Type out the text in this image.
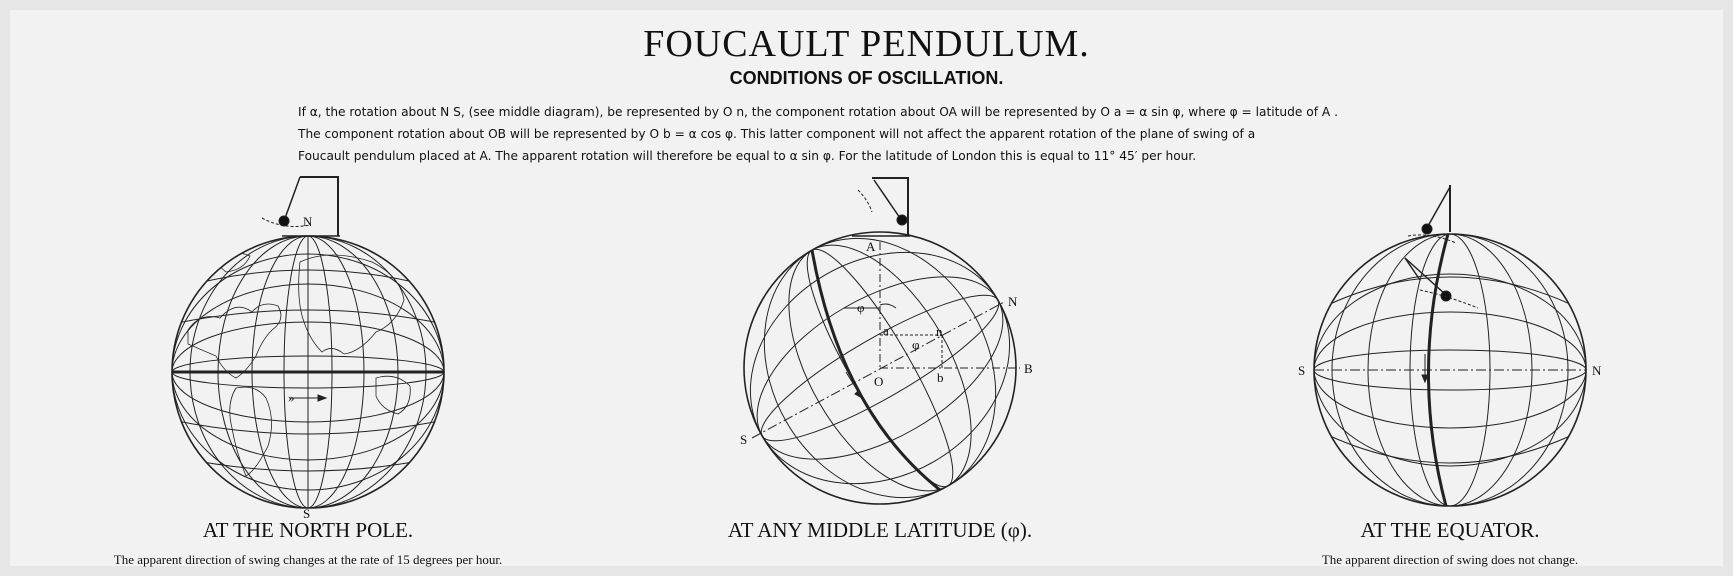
FOUCAULT PENDULUM.
CONDITIONS OF OSCILLATION.
If α, the rotation about N S, (see middle diagram), be represented by O n, the component rotation about OA will be represented by O a = α sin φ, where φ = latitude of A .
The component rotation about OB will be represented by O b = α cos φ. This latter component will not affect the apparent rotation of the plane of swing of a
Foucault pendulum placed at A. The apparent rotation will therefore be equal to α sin φ. For the latitude of London this is equal to 11° 45′ per hour.
»
N
S
A
N
S
B
O
a
b
n
φ
φ
S	N
AT THE NORTH POLE.
The apparent direction of swing changes at the rate of 15 degrees per hour.
AT ANY MIDDLE LATITUDE (φ).	AT THE EQUATOR.
The apparent direction of swing does not change.
